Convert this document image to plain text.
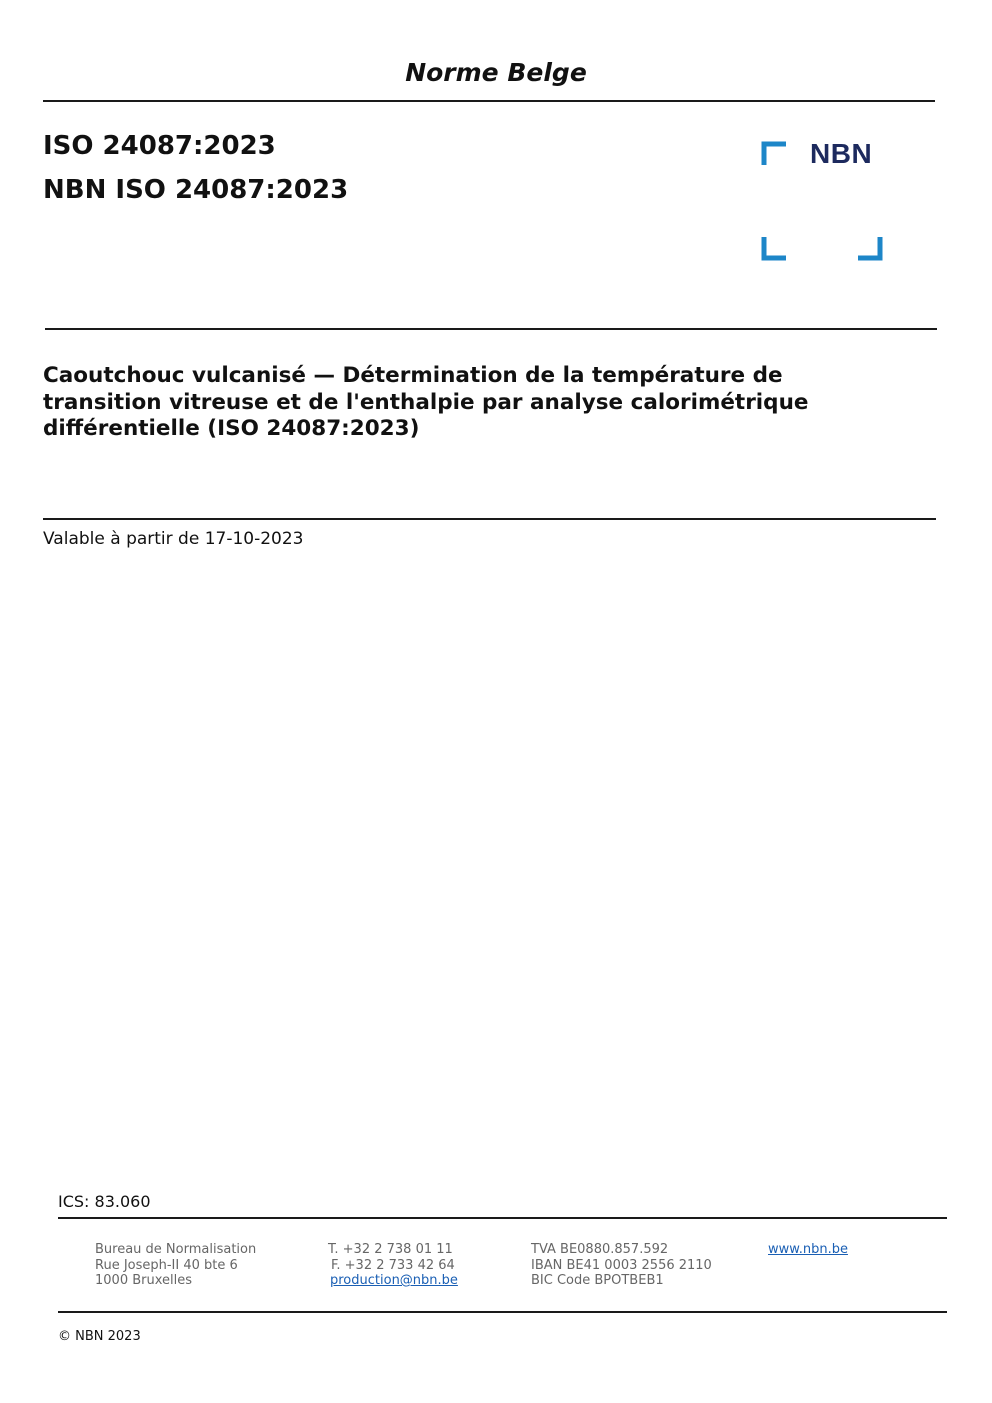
Norme Belge
ISO 24087:2023
NBN ISO 24087:2023
NBN
Caoutchouc vulcanisé — Détermination de la température de
transition vitreuse et de l'enthalpie par analyse calorimétrique
différentielle (ISO 24087:2023)
Valable à partir de 17-10-2023
ICS: 83.060
Bureau de Normalisation
Rue Joseph-II 40 bte 6
1000 Bruxelles
T. +32 2 738 01 11
F. +32 2 733 42 64
production@nbn.be
TVA BE0880.857.592
IBAN BE41 0003 2556 2110
BIC Code BPOTBEB1
www.nbn.be
© NBN 2023
